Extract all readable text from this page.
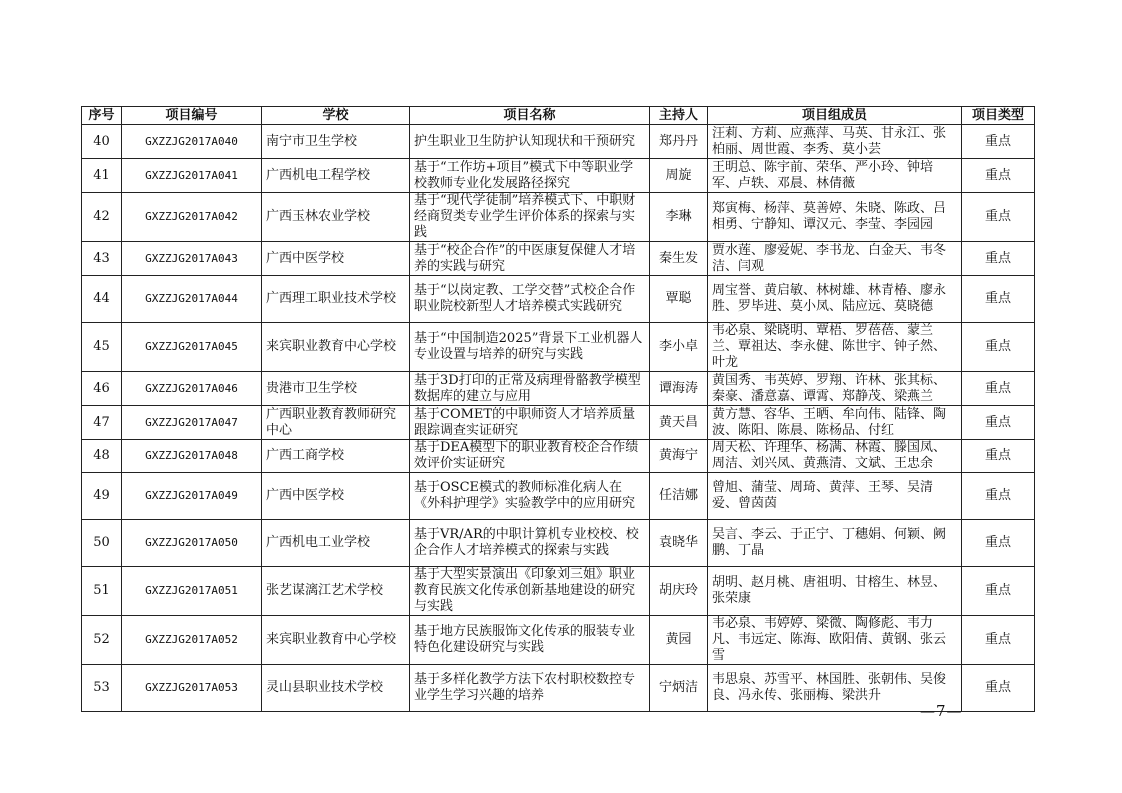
序号	项目编号	学校	项目名称	主持人	项目组成员	项目类型
40	GXZZJG2017A040	南宁市卫生学校	护生职业卫生防护认知现状和干预研究	郑丹丹	汪莉、方莉、应燕萍、马英、甘永江、张柏丽、周世霞、李秀、莫小芸	重点
41	GXZZJG2017A041	广西机电工程学校	基于“工作坊+项目”模式下中等职业学校教师专业化发展路径探究	周旋	王明总、陈宇前、荣华、严小玲、钟培军、卢轶、邓晨、林倩薇	重点
42	GXZZJG2017A042	广西玉林农业学校	基于“现代学徒制”培养模式下、中职财经商贸类专业学生评价体系的探索与实践	李琳	郑寅梅、杨萍、莫善婷、朱晓、陈政、吕相勇、宁静知、谭汉元、李莹、李园园	重点
43	GXZZJG2017A043	广西中医学校	基于“校企合作”的中医康复保健人才培养的实践与研究	秦生发	贾水莲、廖爱妮、李书龙、白金天、韦冬洁、闫观	重点
44	GXZZJG2017A044	广西理工职业技术学校	基于“以岗定教、工学交替”式校企合作职业院校新型人才培养模式实践研究	覃聪	周宝誉、黄启敏、林树雄、林青椿、廖永胜、罗毕进、莫小凤、陆应远、莫晓德	重点
45	GXZZJG2017A045	来宾职业教育中心学校	基于“中国制造2025”背景下工业机器人专业设置与培养的研究与实践	李小卓	韦必泉、梁晓明、覃梧、罗蓓蓓、蒙兰兰、覃祖达、李永健、陈世宇、钟子然、叶龙	重点
46	GXZZJG2017A046	贵港市卫生学校	基于3D打印的正常及病理骨骼教学模型数据库的建立与应用	谭海涛	黄国秀、韦英婷、罗翔、许林、张其标、秦豪、潘意嘉、谭霄、郑静茂、梁燕兰	重点
47	GXZZJG2017A047	广西职业教育教师研究中心	基于COMET的中职师资人才培养质量跟踪调查实证研究	黄天昌	黄方慧、容华、王晒、牟向伟、陆锋、陶波、陈阳、陈晨、陈杨品、付红	重点
48	GXZZJG2017A048	广西工商学校	基于DEA模型下的职业教育校企合作绩效评价实证研究	黄海宁	周天松、许理华、杨满、林霞、滕国凤、周洁、刘兴凤、黄燕清、文斌、王忠余	重点
49	GXZZJG2017A049	广西中医学校	基于OSCE模式的教师标准化病人在《外科护理学》实验教学中的应用研究	任洁娜	曾旭、蒲莹、周琦、黄萍、王琴、吴清爱、曾茵茵	重点
50	GXZZJG2017A050	广西机电工业学校	基于VR/AR的中职计算机专业校校、校企合作人才培养模式的探索与实践	袁晓华	吴言、李云、于正宁、丁穗娟、何颖、阙鹏、丁晶	重点
51	GXZZJG2017A051	张艺谋漓江艺术学校	基于大型实景演出《印象刘三姐》职业教育民族文化传承创新基地建设的研究与实践	胡庆玲	胡明、赵月桃、唐祖明、甘榕生、林昱、张荣康	重点
52	GXZZJG2017A052	来宾职业教育中心学校	基于地方民族服饰文化传承的服装专业特色化建设研究与实践	黄园	韦必泉、韦婷婷、梁微、陶修彪、韦力凡、韦远定、陈海、欧阳倩、黄钢、张云雪	重点
53	GXZZJG2017A053	灵山县职业技术学校	基于多样化教学方法下农村职校数控专业学生学习兴趣的培养	宁炳洁	韦思泉、苏雪平、林国胜、张朝伟、吴俊良、冯永传、张丽梅、梁洪升	重点
—7—
